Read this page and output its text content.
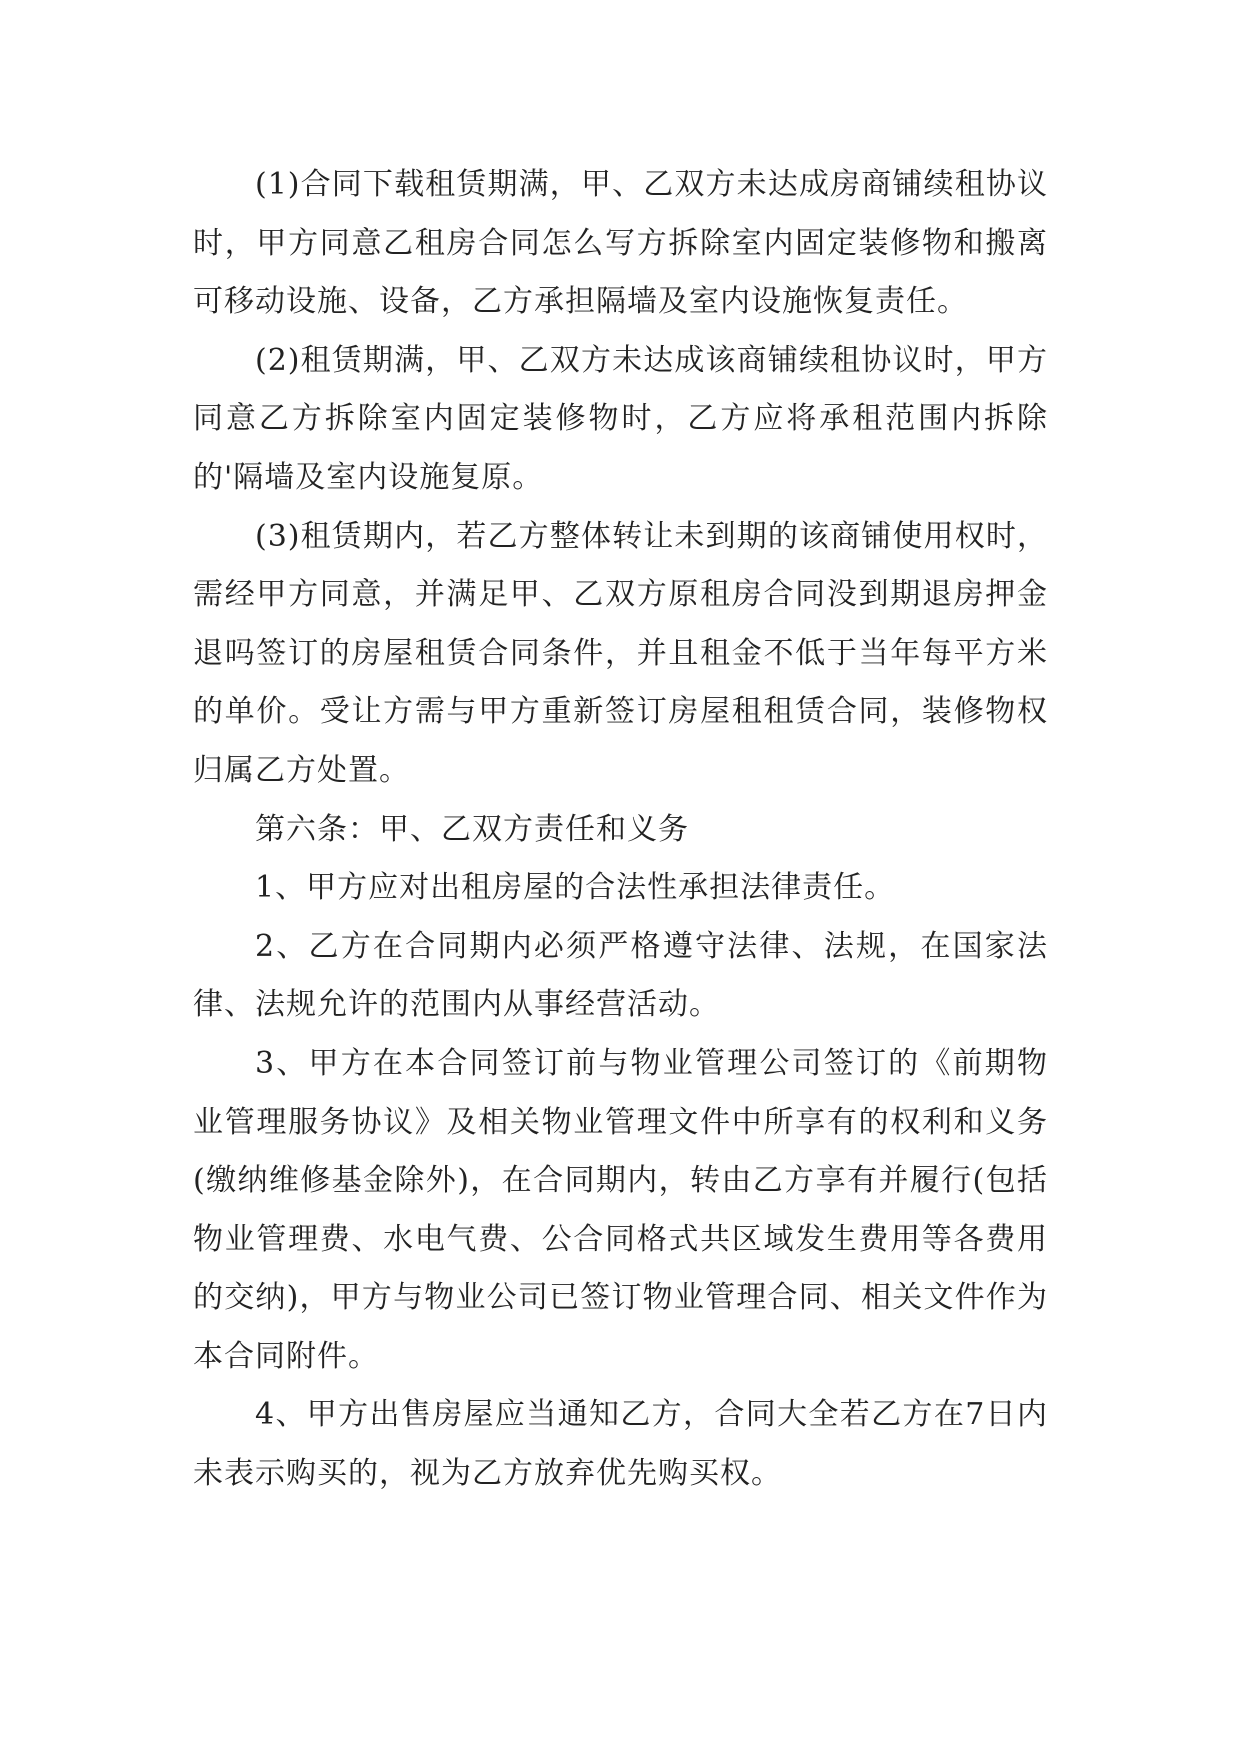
(1)合同下载租赁期满，甲、乙双方未达成房商铺续租协议时，甲方同意乙租房合同怎么写方拆除室内固定装修物和搬离可移动设施、设备，乙方承担隔墙及室内设施恢复责任。

(2)租赁期满，甲、乙双方未达成该商铺续租协议时，甲方同意乙方拆除室内固定装修物时，乙方应将承租范围内拆除的'隔墙及室内设施复原。

(3)租赁期内，若乙方整体转让未到期的该商铺使用权时，需经甲方同意，并满足甲、乙双方原租房合同没到期退房押金退吗签订的房屋租赁合同条件，并且租金不低于当年每平方米的单价。受让方需与甲方重新签订房屋租租赁合同，装修物权归属乙方处置。

第六条：甲、乙双方责任和义务

1、甲方应对出租房屋的合法性承担法律责任。

2、乙方在合同期内必须严格遵守法律、法规，在国家法律、法规允许的范围内从事经营活动。

3、甲方在本合同签订前与物业管理公司签订的《前期物业管理服务协议》及相关物业管理文件中所享有的权利和义务(缴纳维修基金除外)，在合同期内，转由乙方享有并履行(包括物业管理费、水电气费、公合同格式共区域发生费用等各费用的交纳)，甲方与物业公司已签订物业管理合同、相关文件作为本合同附件。

4、甲方出售房屋应当通知乙方，合同大全若乙方在7日内未表示购买的，视为乙方放弃优先购买权。
